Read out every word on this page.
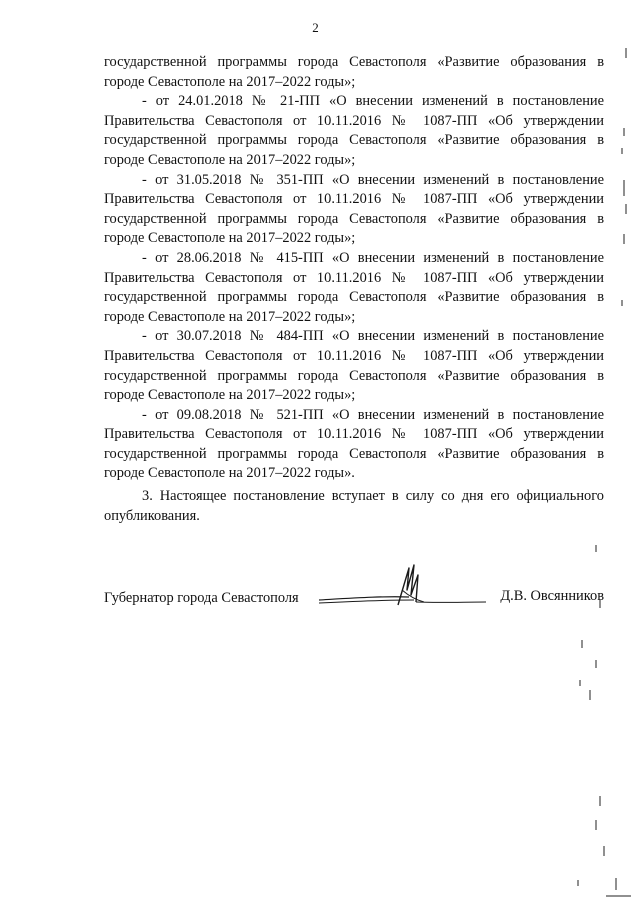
2

государственной программы города Севастополя «Развитие образования в городе Севастополе на 2017–2022 годы»;

- от 24.01.2018 № 21-ПП «О внесении изменений в постановление Правительства Севастополя от 10.11.2016 № 1087-ПП «Об утверждении государственной программы города Севастополя «Развитие образования в городе Севастополе на 2017–2022 годы»;

- от 31.05.2018 № 351-ПП «О внесении изменений в постановление Правительства Севастополя от 10.11.2016 № 1087-ПП «Об утверждении государственной программы города Севастополя «Развитие образования в городе Севастополе на 2017–2022 годы»;

- от 28.06.2018 № 415-ПП «О внесении изменений в постановление Правительства Севастополя от 10.11.2016 № 1087-ПП «Об утверждении государственной программы города Севастополя «Развитие образования в городе Севастополе на 2017–2022 годы»;

- от 30.07.2018 № 484-ПП «О внесении изменений в постановление Правительства Севастополя от 10.11.2016 № 1087-ПП «Об утверждении государственной программы города Севастополя «Развитие образования в городе Севастополе на 2017–2022 годы»;

- от 09.08.2018 № 521-ПП «О внесении изменений в постановление Правительства Севастополя от 10.11.2016 № 1087-ПП «Об утверждении государственной программы города Севастополя «Развитие образования в городе Севастополе на 2017–2022 годы».

3. Настоящее постановление вступает в силу со дня его официального опубликования.

Губернатор города Севастополя	Д.В. Овсянников
